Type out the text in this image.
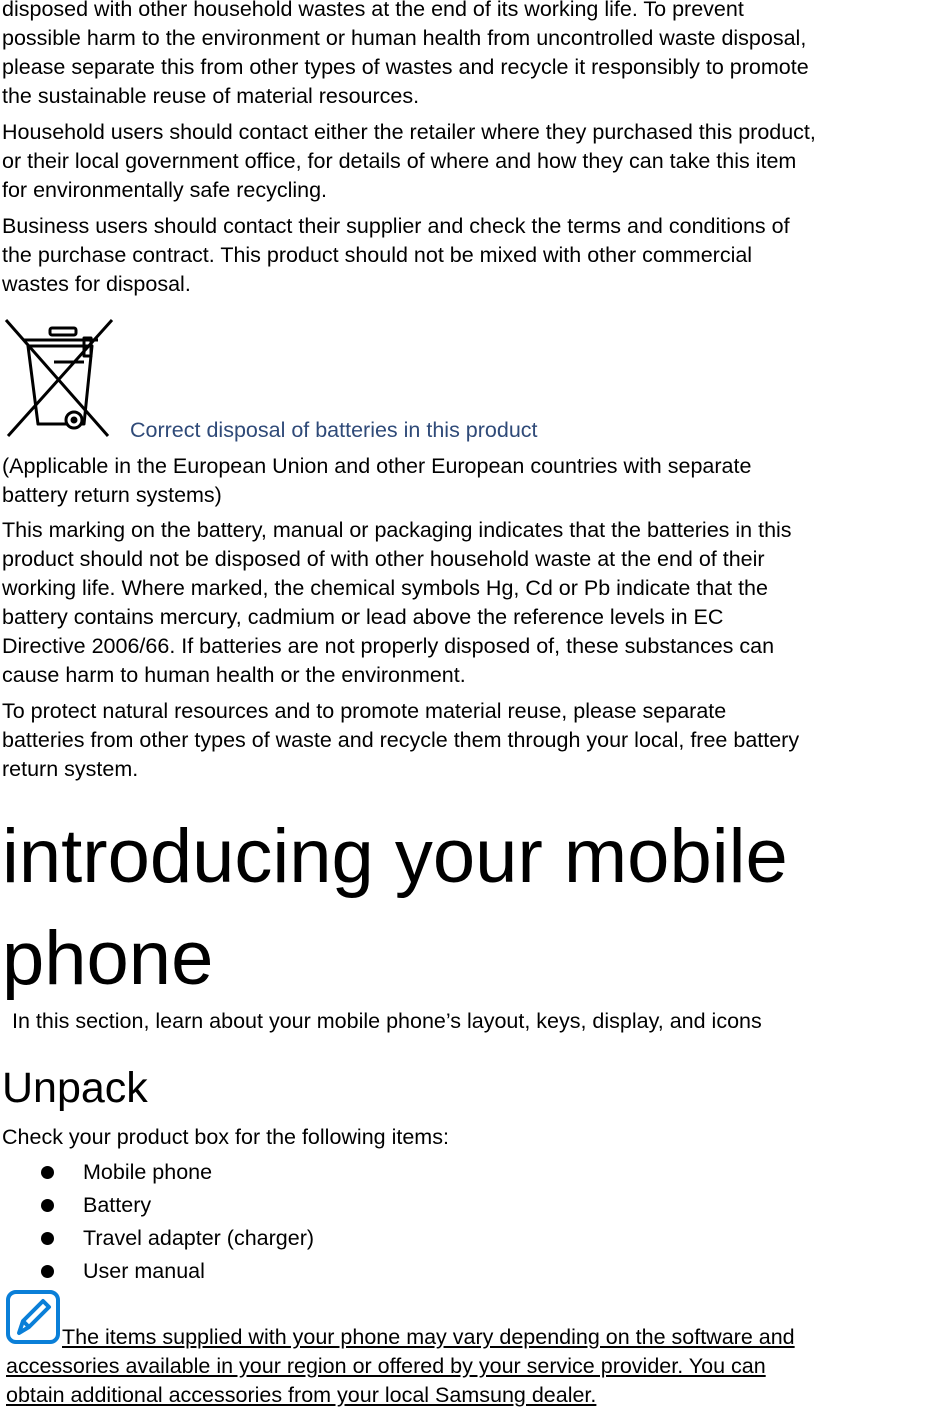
disposed with other household wastes at the end of its working life. To prevent
possible harm to the environment or human health from uncontrolled waste disposal,
please separate this from other types of wastes and recycle it responsibly to promote
the sustainable reuse of material resources.

Household users should contact either the retailer where they purchased this product,
or their local government office, for details of where and how they can take this item
for environmentally safe recycling.

Business users should contact their supplier and check the terms and conditions of
the purchase contract. This product should not be mixed with other commercial
wastes for disposal.

Correct disposal of batteries in this product

(Applicable in the European Union and other European countries with separate
battery return systems)

This marking on the battery, manual or packaging indicates that the batteries in this
product should not be disposed of with other household waste at the end of their
working life. Where marked, the chemical symbols Hg, Cd or Pb indicate that the
battery contains mercury, cadmium or lead above the reference levels in EC
Directive 2006/66. If batteries are not properly disposed of, these substances can
cause harm to human health or the environment.

To protect natural resources and to promote material reuse, please separate
batteries from other types of waste and recycle them through your local, free battery
return system.

introducing your mobile
phone

In this section, learn about your mobile phone’s layout, keys, display, and icons

Unpack

Check your product box for the following items:

Mobile phone
Battery
Travel adapter (charger)
User manual
The items supplied with your phone may vary depending on the software and
accessories available in your region or offered by your service provider. You can
obtain additional accessories from your local Samsung dealer.
